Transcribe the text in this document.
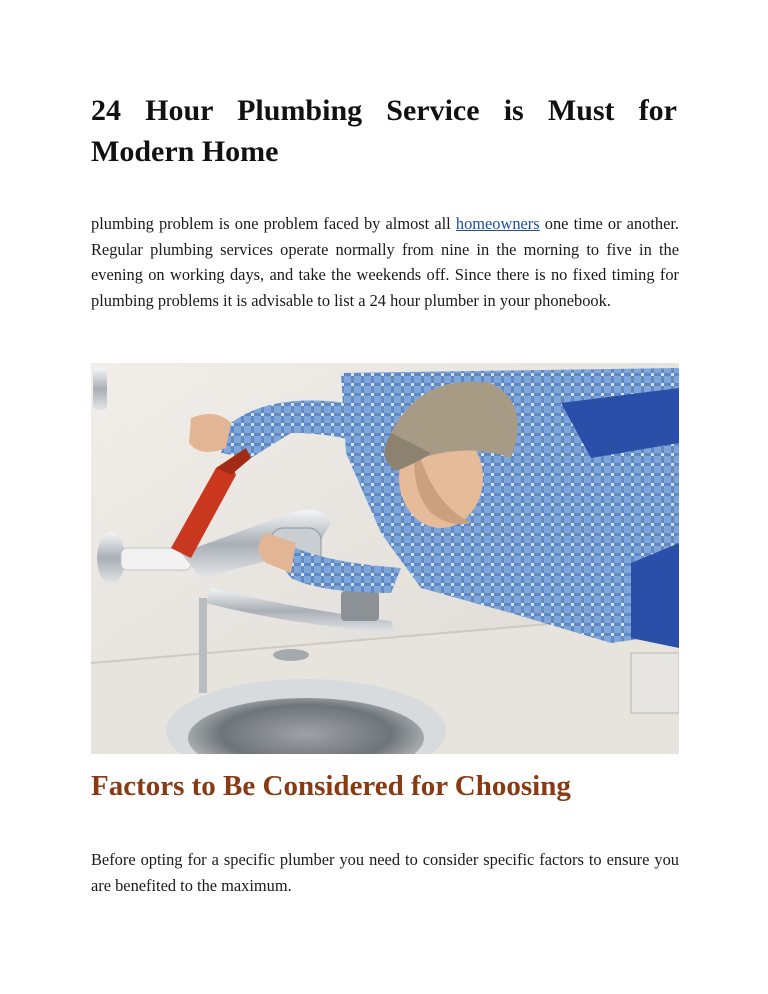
24 Hour Plumbing Service is Must for Modern Home

plumbing problem is one problem faced by almost all homeowners one time or another. Regular plumbing services operate normally from nine in the morning to five in the evening on working days, and take the weekends off. Since there is no fixed timing for plumbing problems it is advisable to list a 24 hour plumber in your phonebook.

Factors to Be Considered for Choosing

Before opting for a specific plumber you need to consider specific factors to ensure you are benefited to the maximum.
